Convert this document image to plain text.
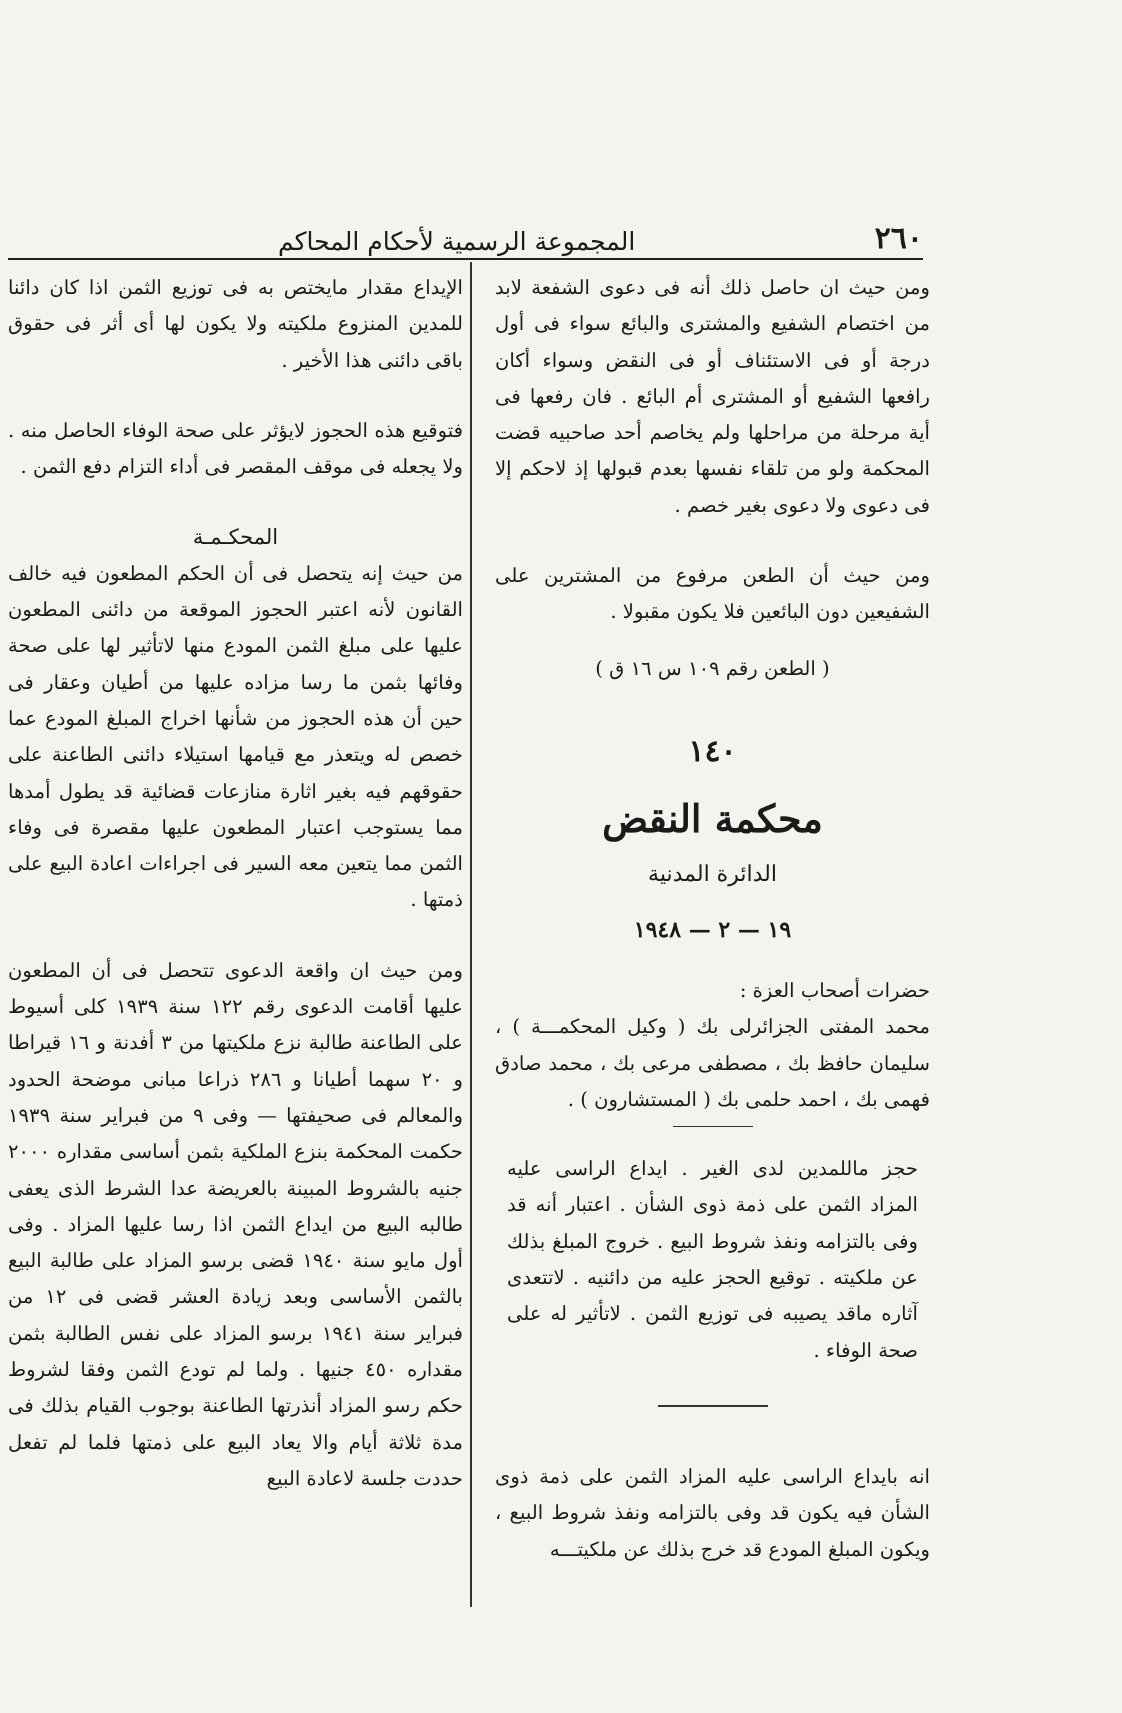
٢٦٠
المجموعة الرسمية لأحكام المحاكم

ومن حيث ان حاصل ذلك أنه فى دعوى الشفعة لابد من اختصام الشفيع والمشترى والبائع سواء فى أول درجة أو فى الاستئناف أو فى النقض وسواء أكان رافعها الشفيع أو المشترى أم البائع . فان رفعها فى أية مرحلة من مراحلها ولم يخاصم أحد صاحبيه قضت المحكمة ولو من تلقاء نفسها بعدم قبولها إذ لاحكم إلا فى دعوى ولا دعوى بغير خصم .

ومن حيث أن الطعن مرفوع من المشترين على الشفيعين دون البائعين فلا يكون مقبولا .

( الطعن رقم ١٠٩ س ١٦ ق )

١٤٠
محكمة النقض
الدائرة المدنية
١٩ — ٢ — ١٩٤٨

حضرات أصحاب العزة :

محمد المفتى الجزائرلى بك ( وكيل المحكمـــة ) ، سليمان حافظ بك ، مصطفى مرعى بك ، محمد صادق فهمى بك ، احمد حلمى بك ( المستشارون ) .

حجز ماللمدين لدى الغير . ايداع الراسى عليه المزاد الثمن على ذمة ذوى الشأن . اعتبار أنه قد وفى بالتزامه ونفذ شروط البيع . خروج المبلغ بذلك عن ملكيته . توقيع الحجز عليه من دائنيه . لاتتعدى آثاره ماقد يصيبه فى توزيع الثمن . لاتأثير له على صحة الوفاء .

انه بايداع الراسى عليه المزاد الثمن على ذمة ذوى الشأن فيه يكون قد وفى بالتزامه ونفذ شروط البيع ، ويكون المبلغ المودع قد خرج بذلك عن ملكيتـــه

الإيداع مقدار مايختص به فى توزيع الثمن اذا كان دائنا للمدين المنزوع ملكيته ولا يكون لها أى أثر فى حقوق باقى دائنى هذا الأخير .

فتوقيع هذه الحجوز لايؤثر على صحة الوفاء الحاصل منه . ولا يجعله فى موقف المقصر فى أداء التزام دفع الثمن .

المحكـمـة

من حيث إنه يتحصل فى أن الحكم المطعون فيه خالف القانون لأنه اعتبر الحجوز الموقعة من دائنى المطعون عليها على مبلغ الثمن المودع منها لاتأثير لها على صحة وفائها بثمن ما رسا مزاده عليها من أطيان وعقار فى حين أن هذه الحجوز من شأنها اخراج المبلغ المودع عما خصص له ويتعذر مع قيامها استيلاء دائنى الطاعنة على حقوقهم فيه بغير اثارة منازعات قضائية قد يطول أمدها مما يستوجب اعتبار المطعون عليها مقصرة فى وفاء الثمن مما يتعين معه السير فى اجراءات اعادة البيع على ذمتها .

ومن حيث ان واقعة الدعوى تتحصل فى أن المطعون عليها أقامت الدعوى رقم ١٢٢ سنة ١٩٣٩ كلى أسيوط على الطاعنة طالبة نزع ملكيتها من ٣ أفدنة و ١٦ قيراطا و ٢٠ سهما أطيانا و ٢٨٦ ذراعا مبانى موضحة الحدود والمعالم فى صحيفتها — وفى ٩ من فبراير سنة ١٩٣٩ حكمت المحكمة بنزع الملكية بثمن أساسى مقداره ٢٠٠٠ جنيه بالشروط المبينة بالعريضة عدا الشرط الذى يعفى طالبه البيع من ايداع الثمن اذا رسا عليها المزاد . وفى أول مايو سنة ١٩٤٠ قضى برسو المزاد على طالبة البيع بالثمن الأساسى وبعد زيادة العشر قضى فى ١٢ من فبراير سنة ١٩٤١ برسو المزاد على نفس الطالبة بثمن مقداره ٤٥٠ جنيها . ولما لم تودع الثمن وفقا لشروط حكم رسو المزاد أنذرتها الطاعنة بوجوب القيام بذلك فى مدة ثلاثة أيام والا يعاد البيع على ذمتها فلما لم تفعل حددت جلسة لاعادة البيع
